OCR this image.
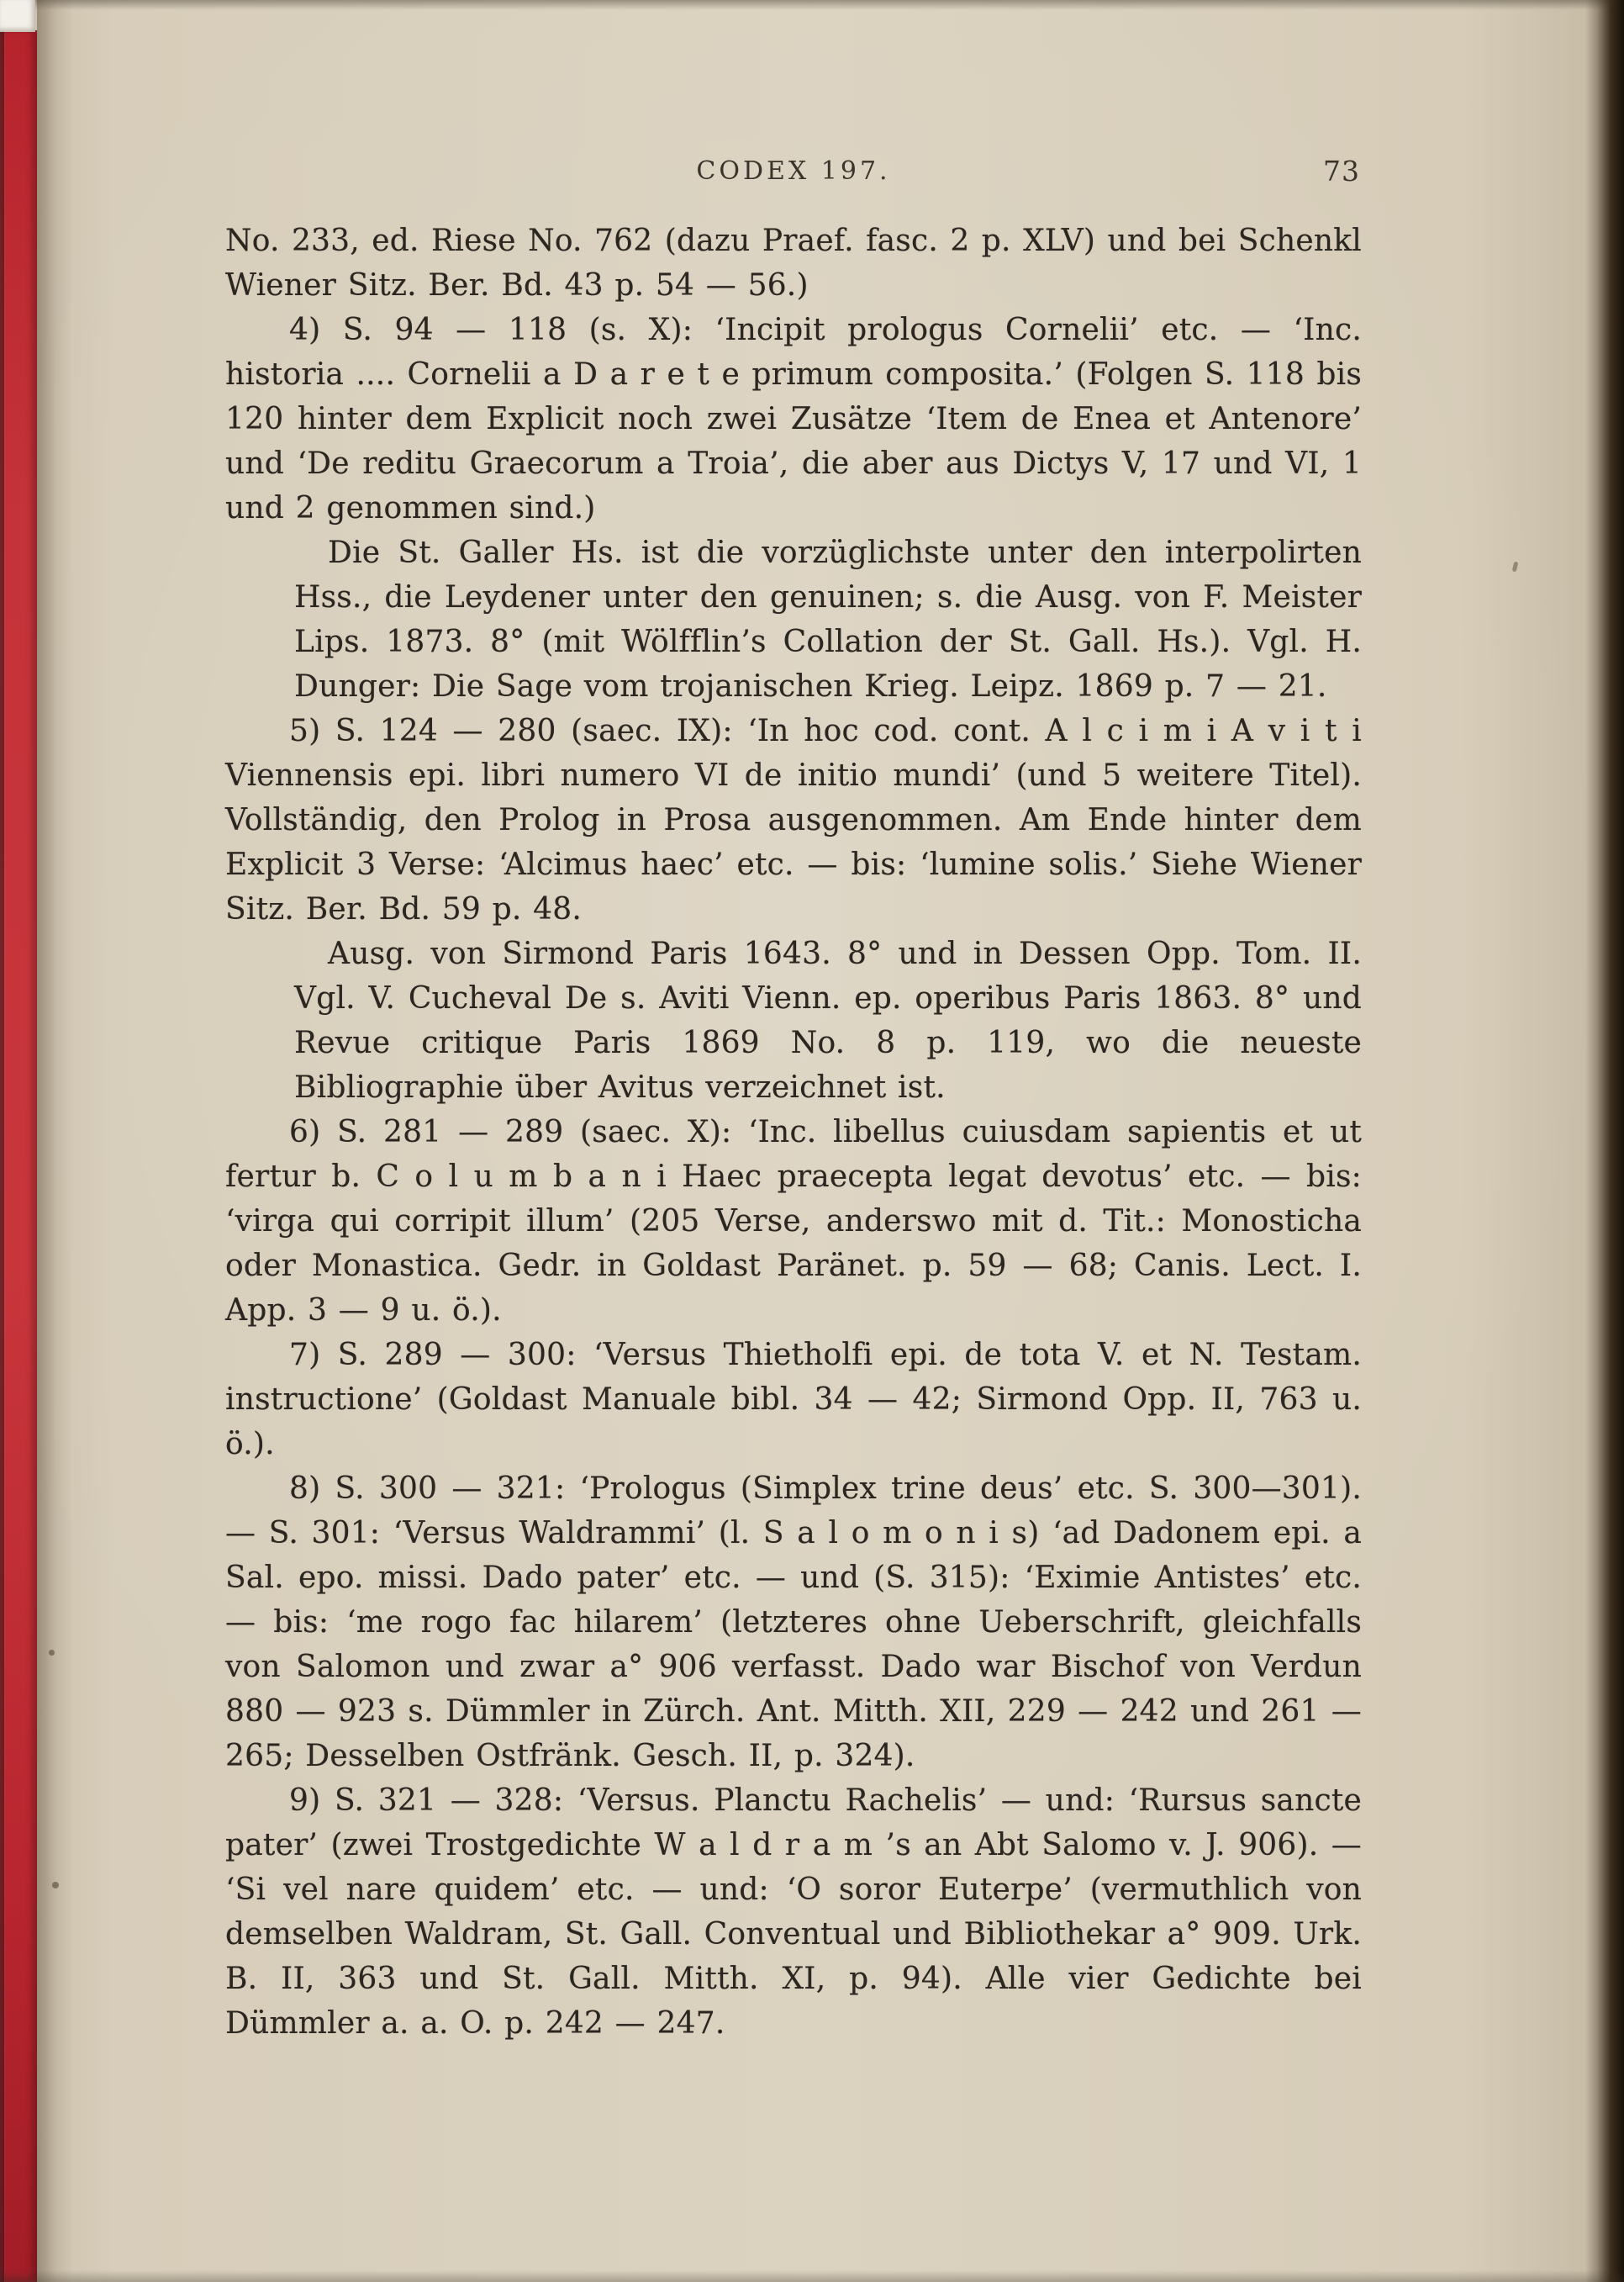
CODEX 197.	73

No. 233, ed. Riese No. 762 (dazu Praef. fasc. 2 p. XLV) und bei Schenkl Wiener Sitz. Ber. Bd. 43 p. 54 — 56.)

4) S. 94 — 118 (s. X): ‘Incipit prologus Cornelii’ etc. — ‘Inc. historia .... Cornelii a D a r e t e primum composita.’ (Folgen S. 118 bis 120 hinter dem Explicit noch zwei Zusätze ‘Item de Enea et Antenore’ und ‘De reditu Graecorum a Troia’, die aber aus Dictys V, 17 und VI, 1 und 2 genommen sind.)

Die St. Galler Hs. ist die vorzüglichste unter den interpolirten Hss., die Leydener unter den genuinen; s. die Ausg. von F. Meister Lips. 1873. 8° (mit Wölfflin’s Collation der St. Gall. Hs.). Vgl. H. Dunger: Die Sage vom trojanischen Krieg. Leipz. 1869 p. 7 — 21.

5) S. 124 — 280 (saec. IX): ‘In hoc cod. cont. A l c i m i A v i t i Viennensis epi. libri numero VI de initio mundi’ (und 5 weitere Titel). Vollständig, den Prolog in Prosa ausgenommen. Am Ende hinter dem Explicit 3 Verse: ‘Alcimus haec’ etc. — bis: ‘lumine solis.’ Siehe Wiener Sitz. Ber. Bd. 59 p. 48.

Ausg. von Sirmond Paris 1643. 8° und in Dessen Opp. Tom. II. Vgl. V. Cucheval De s. Aviti Vienn. ep. operibus Paris 1863. 8° und Revue critique Paris 1869 No. 8 p. 119, wo die neueste Bibliographie über Avitus verzeichnet ist.

6) S. 281 — 289 (saec. X): ‘Inc. libellus cuiusdam sapientis et ut fertur b. C o l u m b a n i Haec praecepta legat devotus’ etc. — bis: ‘virga qui corripit illum’ (205 Verse, anderswo mit d. Tit.: Monosticha oder Monastica. Gedr. in Goldast Paränet. p. 59 — 68; Canis. Lect. I. App. 3 — 9 u. ö.).

7) S. 289 — 300: ‘Versus Thietholfi epi. de tota V. et N. Testam. instructione’ (Goldast Manuale bibl. 34 — 42; Sirmond Opp. II, 763 u. ö.).

8) S. 300 — 321: ‘Prologus (Simplex trine deus’ etc. S. 300—301). — S. 301: ‘Versus Waldrammi’ (l. S a l o m o n i s) ‘ad Dadonem epi. a Sal. epo. missi. Dado pater’ etc. — und (S. 315): ‘Eximie Antistes’ etc. — bis: ‘me rogo fac hilarem’ (letzteres ohne Ueberschrift, gleichfalls von Salomon und zwar a° 906 verfasst. Dado war Bischof von Verdun 880 — 923 s. Dümmler in Zürch. Ant. Mitth. XII, 229 — 242 und 261 — 265; Desselben Ostfränk. Gesch. II, p. 324).

9) S. 321 — 328: ‘Versus. Planctu Rachelis’ — und: ‘Rursus sancte pater’ (zwei Trostgedichte W a l d r a m ’s an Abt Salomo v. J. 906). — ‘Si vel nare quidem’ etc. — und: ‘O soror Euterpe’ (vermuthlich von demselben Waldram, St. Gall. Conventual und Bibliothekar a° 909. Urk. B. II, 363 und St. Gall. Mitth. XI, p. 94). Alle vier Gedichte bei Dümmler a. a. O. p. 242 — 247.
